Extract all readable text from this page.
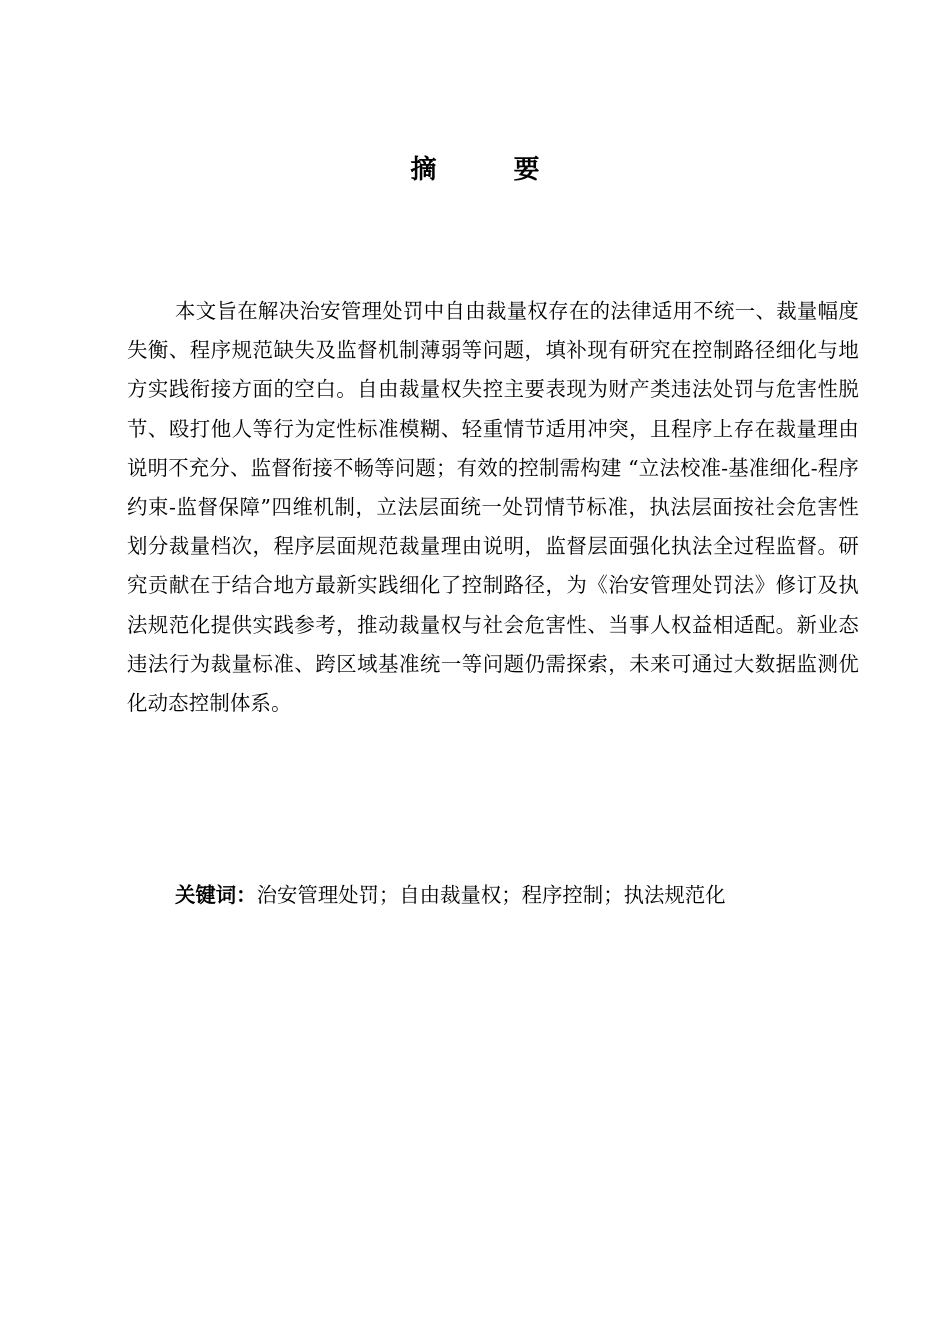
摘 要

本文旨在解决治安管理处罚中自由裁量权存在的法律适用不统一、裁量幅度失衡、程序规范缺失及监督机制薄弱等问题，填补现有研究在控制路径细化与地方实践衔接方面的空白。自由裁量权失控主要表现为财产类违法处罚与危害性脱节、殴打他人等行为定性标准模糊、轻重情节适用冲突，且程序上存在裁量理由说明不充分、监督衔接不畅等问题；有效的控制需构建 “立法校准-基准细化-程序约束-监督保障”四维机制，立法层面统一处罚情节标准，执法层面按社会危害性划分裁量档次，程序层面规范裁量理由说明，监督层面强化执法全过程监督。研究贡献在于结合地方最新实践细化了控制路径，为《治安管理处罚法》修订及执法规范化提供实践参考，推动裁量权与社会危害性、当事人权益相适配。新业态违法行为裁量标准、跨区域基准统一等问题仍需探索，未来可通过大数据监测优化动态控制体系。

关键词：治安管理处罚；自由裁量权；程序控制；执法规范化
